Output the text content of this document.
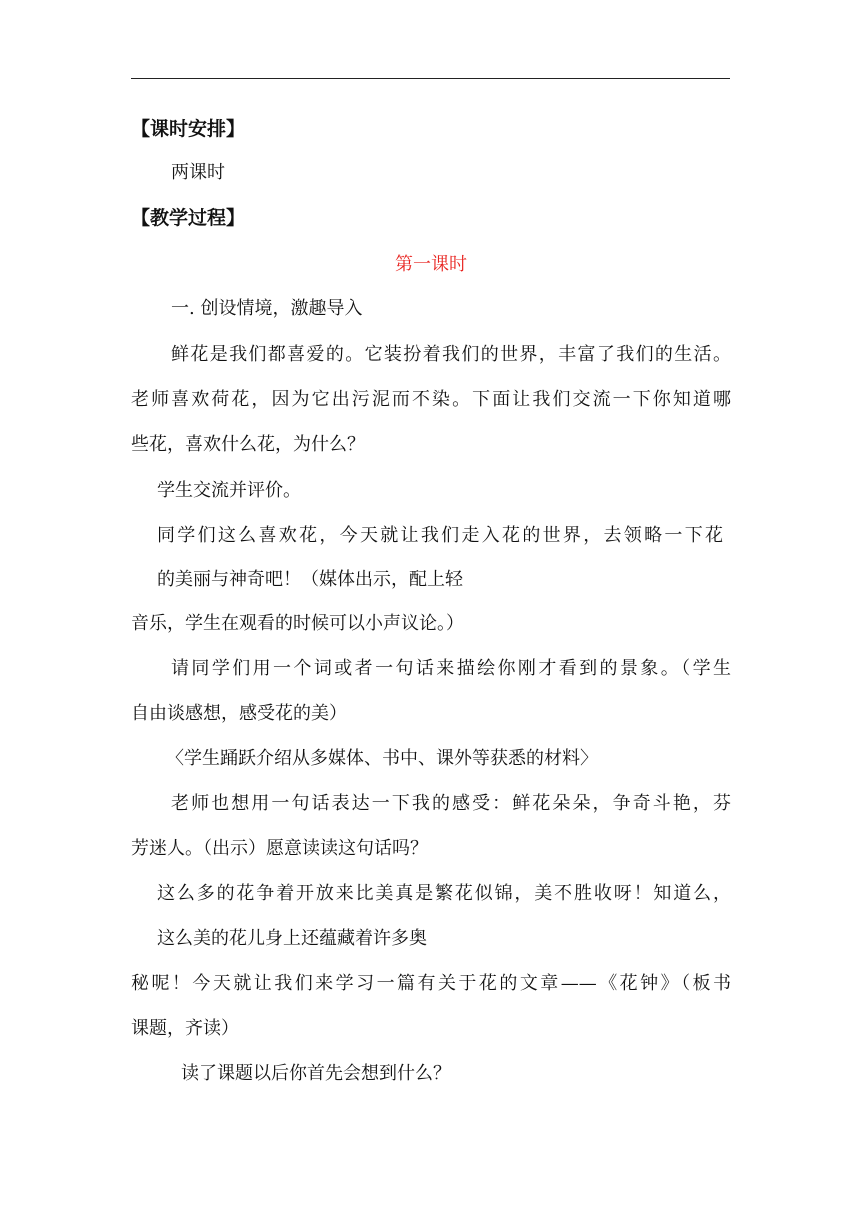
【课时安排】
两课时
【教学过程】
第一课时
一. 创设情境，激趣导入
鲜花是我们都喜爱的。它装扮着我们的世界，丰富了我们的生活。
老师喜欢荷花，因为它出污泥而不染。下面让我们交流一下你知道哪
些花，喜欢什么花，为什么？
学生交流并评价。
同学们这么喜欢花，今天就让我们走入花的世界，去领略一下花
的美丽与神奇吧！（媒体出示，配上轻
音乐，学生在观看的时候可以小声议论。）
请同学们用一个词或者一句话来描绘你刚才看到的景象。（学生
自由谈感想，感受花的美）
〈学生踊跃介绍从多媒体、书中、课外等获悉的材料〉
老师也想用一句话表达一下我的感受：鲜花朵朵，争奇斗艳，芬
芳迷人。（出示）愿意读读这句话吗？
这么多的花争着开放来比美真是繁花似锦，美不胜收呀！知道么，
这么美的花儿身上还蕴藏着许多奥
秘呢！今天就让我们来学习一篇有关于花的文章——《花钟》（板书
课题，齐读）
读了课题以后你首先会想到什么？
